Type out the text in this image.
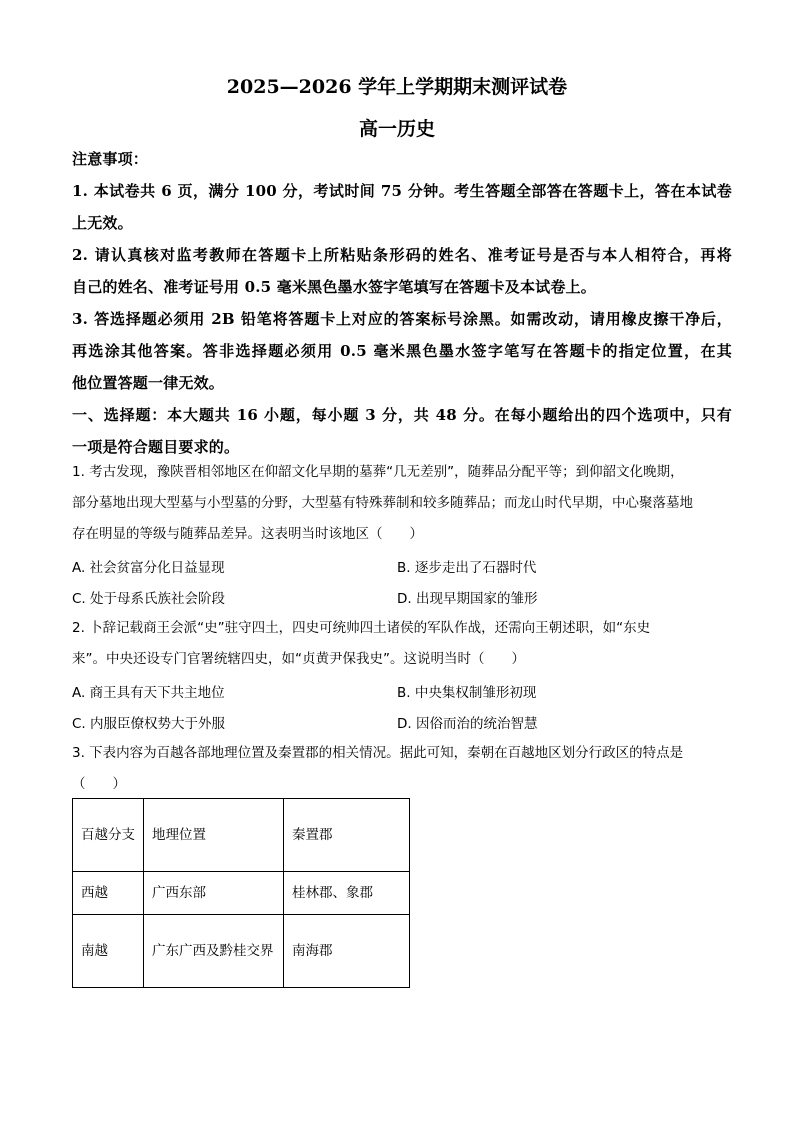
2025—2026 学年上学期期末测评试卷
高一历史

注意事项：

1. 本试卷共 6 页，满分 100 分，考试时间 75 分钟。考生答题全部答在答题卡上，答在本试卷

上无效。

2. 请认真核对监考教师在答题卡上所粘贴条形码的姓名、准考证号是否与本人相符合，再将

自己的姓名、准考证号用 0.5 毫米黑色墨水签字笔填写在答题卡及本试卷上。

3. 答选择题必须用 2B 铅笔将答题卡上对应的答案标号涂黑。如需改动，请用橡皮擦干净后，

再选涂其他答案。答非选择题必须用 0.5 毫米黑色墨水签字笔写在答题卡的指定位置，在其

他位置答题一律无效。

一、选择题：本大题共 16 小题，每小题 3 分，共 48 分。在每小题给出的四个选项中，只有

一项是符合题目要求的。

1. 考古发现，豫陕晋相邻地区在仰韶文化早期的墓葬“几无差别”，随葬品分配平等；到仰韶文化晚期，

部分墓地出现大型墓与小型墓的分野，大型墓有特殊葬制和较多随葬品；而龙山时代早期，中心聚落墓地

存在明显的等级与随葬品差异。这表明当时该地区（　　）

A. 社会贫富分化日益显现	B. 逐步走出了石器时代
C. 处于母系氏族社会阶段	D. 出现早期国家的雏形

2. 卜辞记载商王会派“史”驻守四土，四史可统帅四土诸侯的军队作战，还需向王朝述职，如“东史

来”。中央还设专门官署统辖四史，如“贞黄尹保我史”。这说明当时（　　）

A. 商王具有天下共主地位	B. 中央集权制雏形初现
C. 内服臣僚权势大于外服	D. 因俗而治的统治智慧

3. 下表内容为百越各部地理位置及秦置郡的相关情况。据此可知，秦朝在百越地区划分行政区的特点是

（　　）

百越分支	地理位置	秦置郡
西越	广西东部	桂林郡、象郡
南越	广东广西及黔桂交界	南海郡
